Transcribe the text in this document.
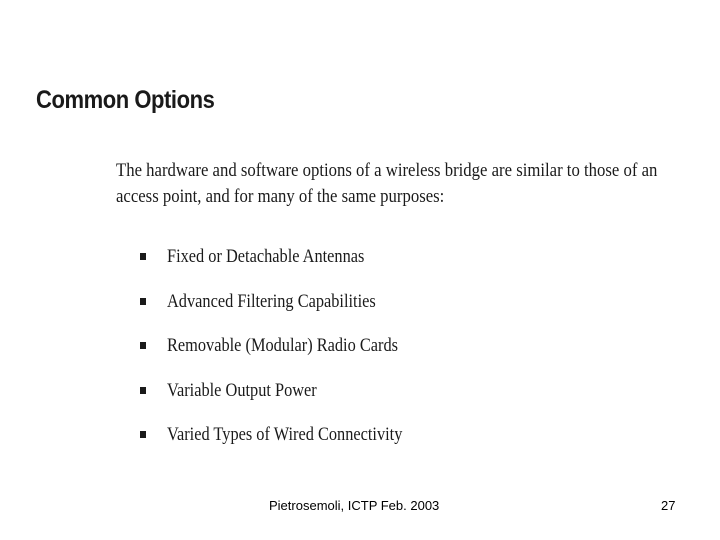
Common Options
The hardware and software options of a wireless bridge are similar to those of an access point, and for many of the same purposes:
Fixed or Detachable Antennas
Advanced Filtering Capabilities
Removable (Modular) Radio Cards
Variable Output Power
Varied Types of Wired Connectivity
Pietrosemoli, ICTP Feb. 2003	27
